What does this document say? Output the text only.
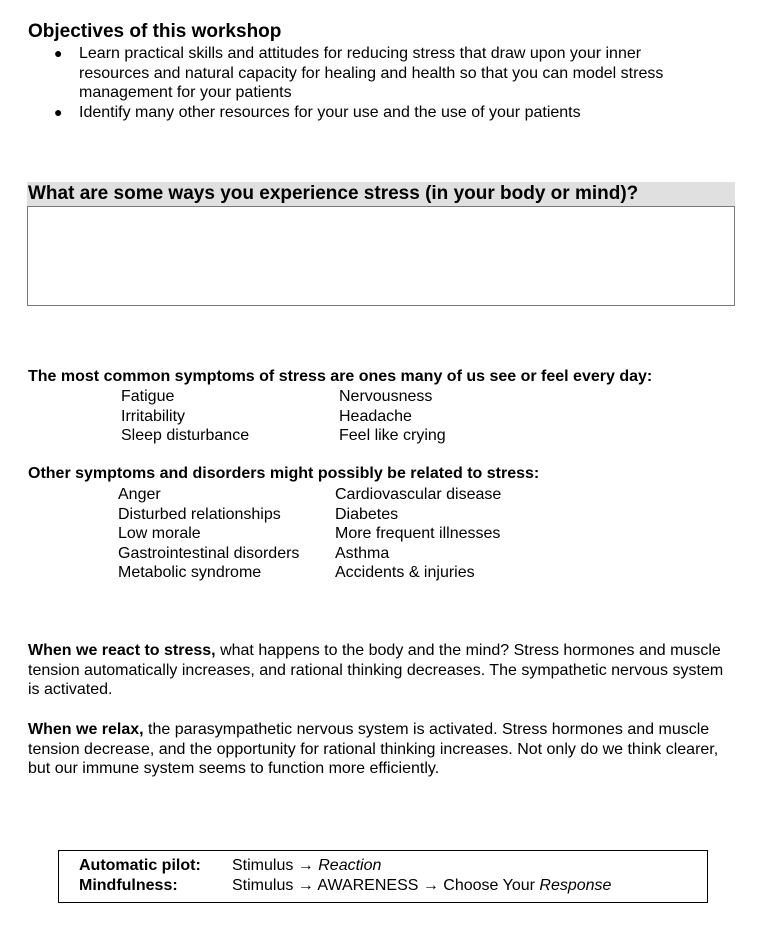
Objectives of this workshop
● Learn practical skills and attitudes for reducing stress that draw upon your inner resources and natural capacity for healing and health so that you can model stress management for your patients
● Identify many other resources for your use and the use of your patients
What are some ways you experience stress (in your body or mind)?
The most common symptoms of stress are ones many of us see or feel every day:
Fatigue
Irritability
Sleep disturbance
Nervousness
Headache
Feel like crying
Other symptoms and disorders might possibly be related to stress:
Anger
Disturbed relationships
Low morale
Gastrointestinal disorders
Metabolic syndrome
Cardiovascular disease
Diabetes
More frequent illnesses
Asthma
Accidents & injuries
When we react to stress, what happens to the body and the mind? Stress hormones and muscle tension automatically increases, and rational thinking decreases. The sympathetic nervous system is activated.
When we relax, the parasympathetic nervous system is activated. Stress hormones and muscle tension decrease, and the opportunity for rational thinking increases. Not only do we think clearer, but our immune system seems to function more efficiently.
Automatic pilot: Stimulus → Reaction
Mindfulness:	Stimulus → AWARENESS → Choose Your Response
